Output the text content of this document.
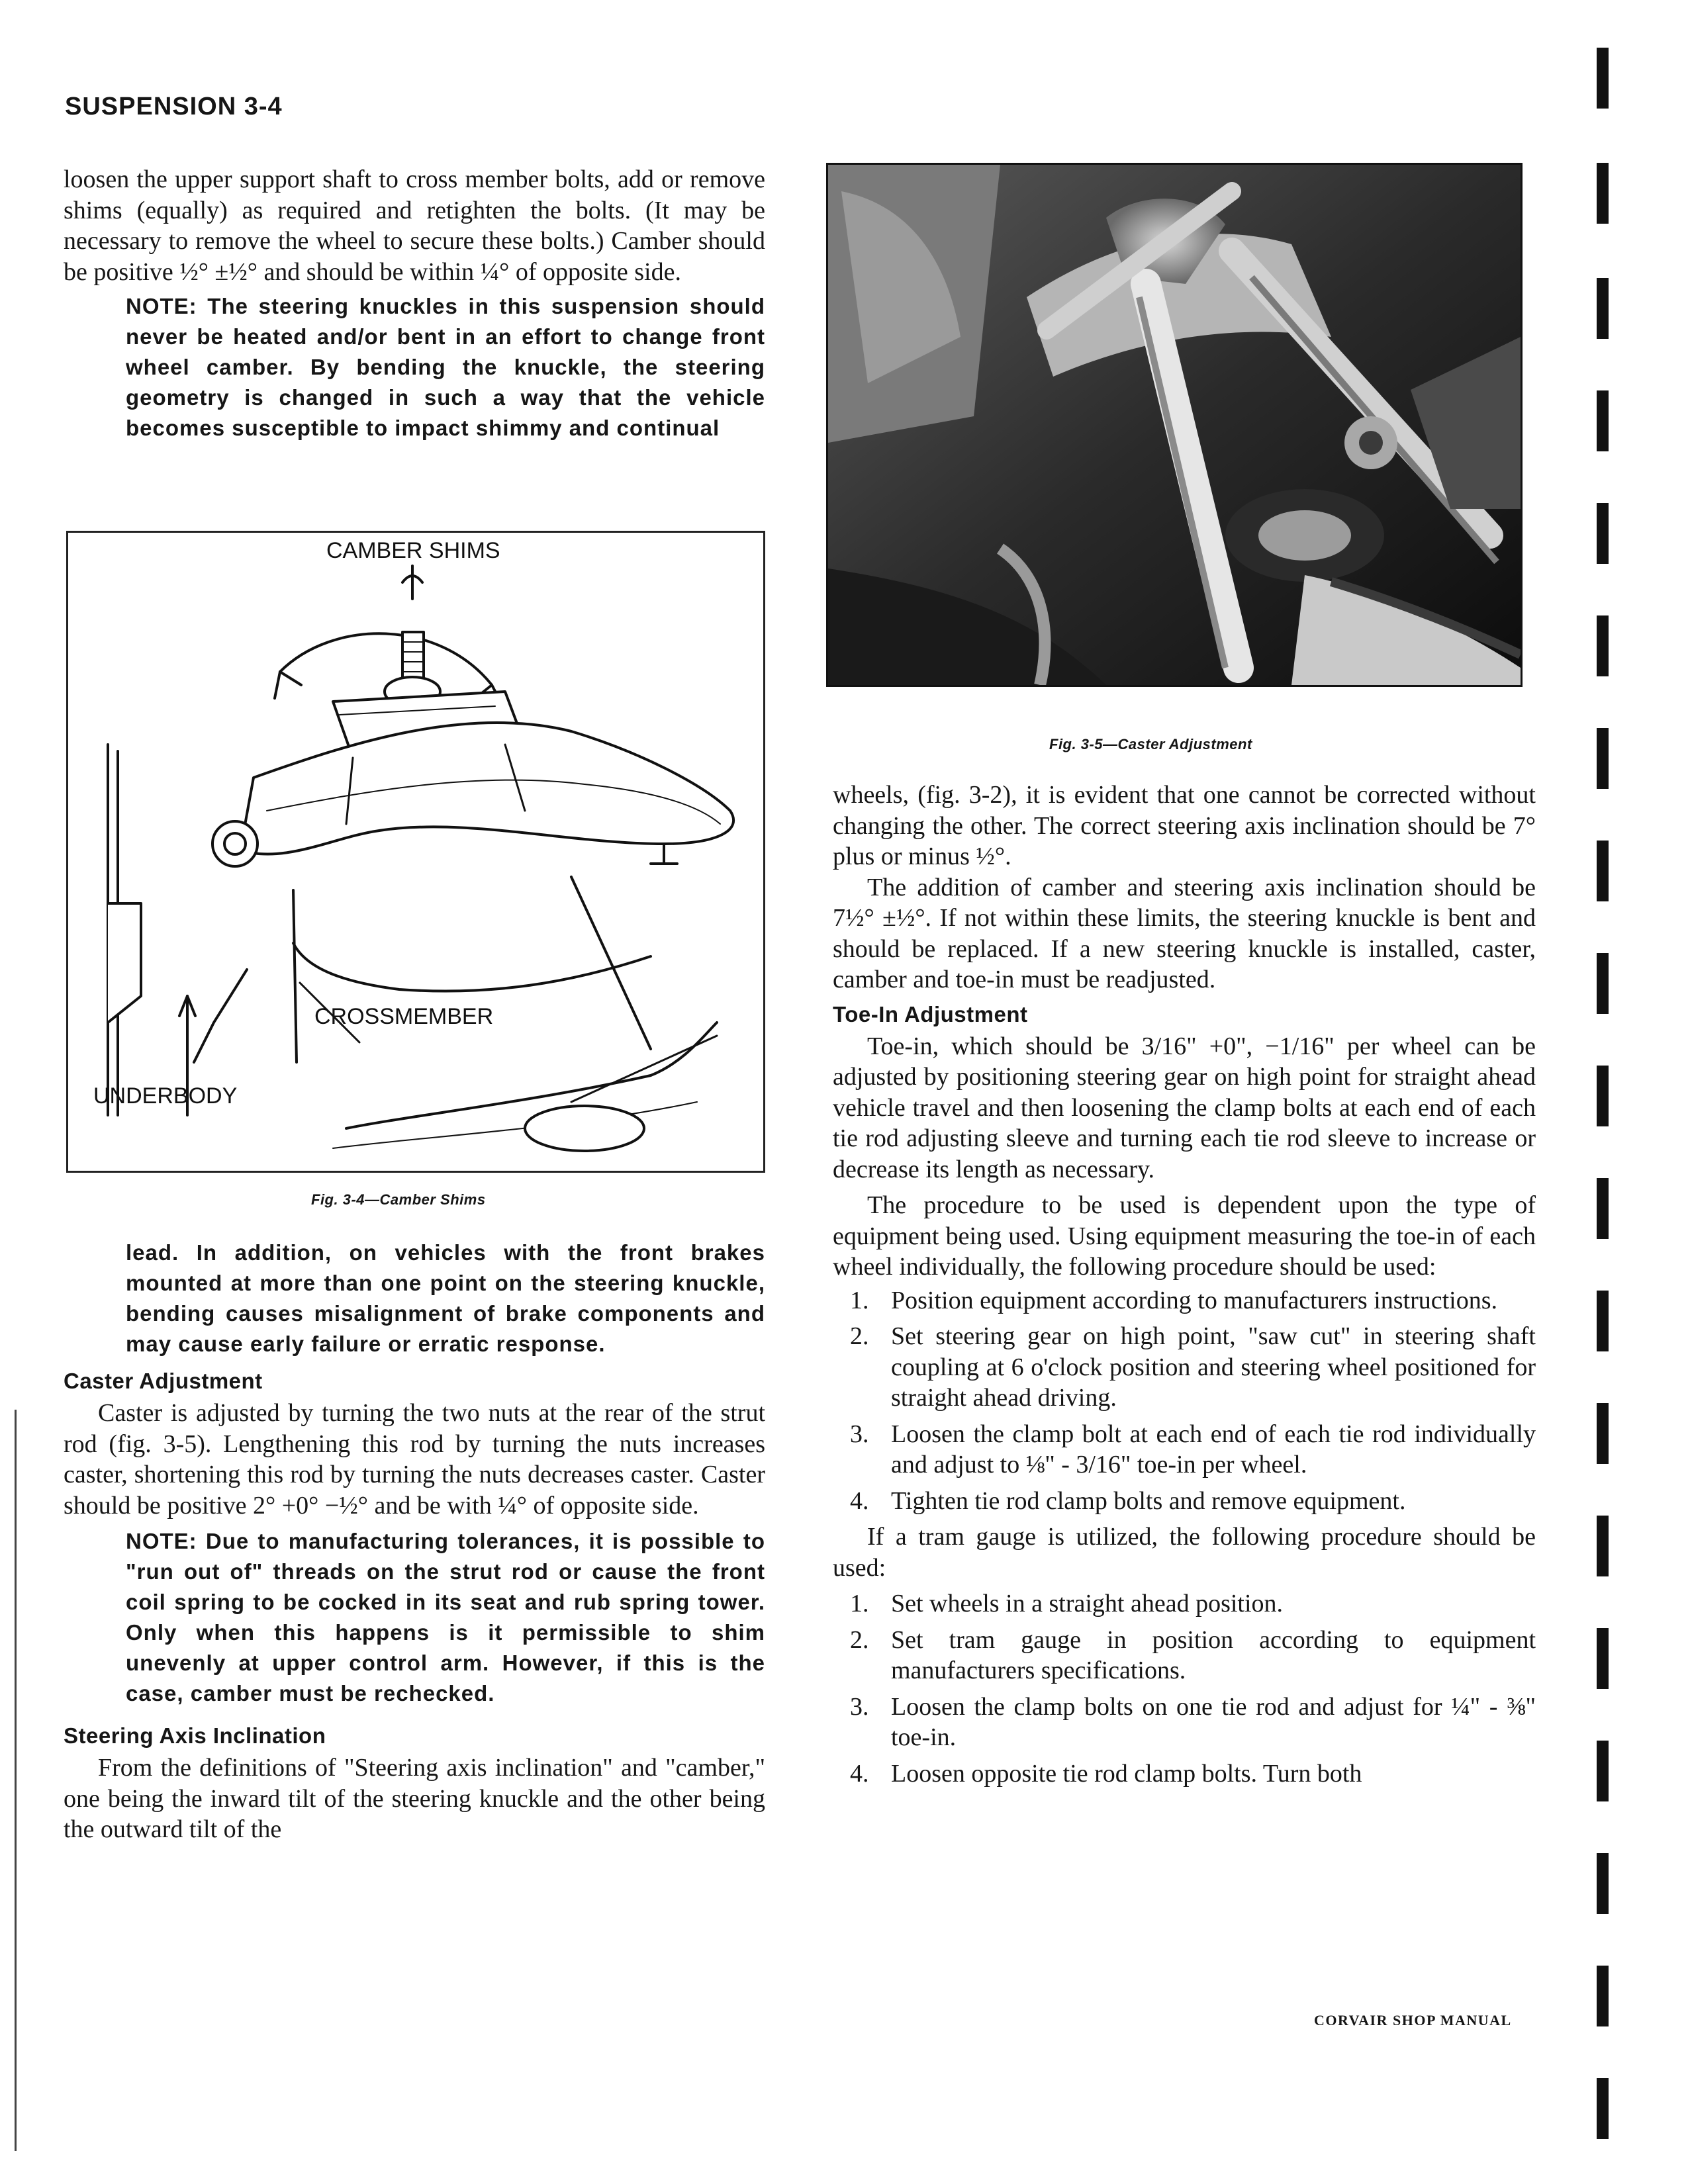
SUSPENSION 3-4
CORVAIR SHOP MANUAL

loosen the upper support shaft to cross member bolts, add or remove shims (equally) as required and retighten the bolts. (It may be necessary to remove the wheel to secure these bolts.) Camber should be positive ½° ±½° and should be within ¼° of opposite side.

NOTE: The steering knuckles in this suspension should never be heated and/or bent in an effort to change front wheel camber. By bending the knuckle, the steering geometry is changed in such a way that the vehicle becomes susceptible to impact shimmy and continual

CAMBER SHIMS
CROSSMEMBER
UNDERBODY
Fig. 3-4—Camber Shims

lead. In addition, on vehicles with the front brakes mounted at more than one point on the steering knuckle, bending causes misalignment of brake components and may cause early failure or erratic response.

Caster Adjustment

Caster is adjusted by turning the two nuts at the rear of the strut rod (fig. 3-5). Lengthening this rod by turning the nuts increases caster, shortening this rod by turning the nuts decreases caster. Caster should be positive 2° +0° −½° and be with ¼° of opposite side.

NOTE: Due to manufacturing tolerances, it is possible to "run out of" threads on the strut rod or cause the front coil spring to be cocked in its seat and rub spring tower. Only when this happens is it permissible to shim unevenly at upper control arm. However, if this is the case, camber must be rechecked.

Steering Axis Inclination

From the definitions of "Steering axis inclination" and "camber," one being the inward tilt of the steering knuckle and the other being the outward tilt of the

Fig. 3-5—Caster Adjustment

wheels, (fig. 3-2), it is evident that one cannot be corrected without changing the other. The correct steering axis inclination should be 7° plus or minus ½°.

The addition of camber and steering axis inclination should be 7½° ±½°. If not within these limits, the steering knuckle is bent and should be replaced. If a new steering knuckle is installed, caster, camber and toe-in must be readjusted.

Toe-In Adjustment

Toe-in, which should be 3/16" +0", −1/16" per wheel can be adjusted by positioning steering gear on high point for straight ahead vehicle travel and then loosening the clamp bolts at each end of each tie rod adjusting sleeve and turning each tie rod sleeve to increase or decrease its length as necessary.

The procedure to be used is dependent upon the type of equipment being used. Using equipment measuring the toe-in of each wheel individually, the following procedure should be used:

1. Position equipment according to manufacturers instructions.
2. Set steering gear on high point, "saw cut" in steering shaft coupling at 6 o'clock position and steering wheel positioned for straight ahead driving.
3. Loosen the clamp bolt at each end of each tie rod individually and adjust to ⅛" - 3/16" toe-in per wheel.
4. Tighten tie rod clamp bolts and remove equipment.

If a tram gauge is utilized, the following procedure should be used:

1. Set wheels in a straight ahead position.
2. Set tram gauge in position according to equipment manufacturers specifications.
3. Loosen the clamp bolts on one tie rod and adjust for ¼" - ⅜" toe-in.
4. Loosen opposite tie rod clamp bolts. Turn both
